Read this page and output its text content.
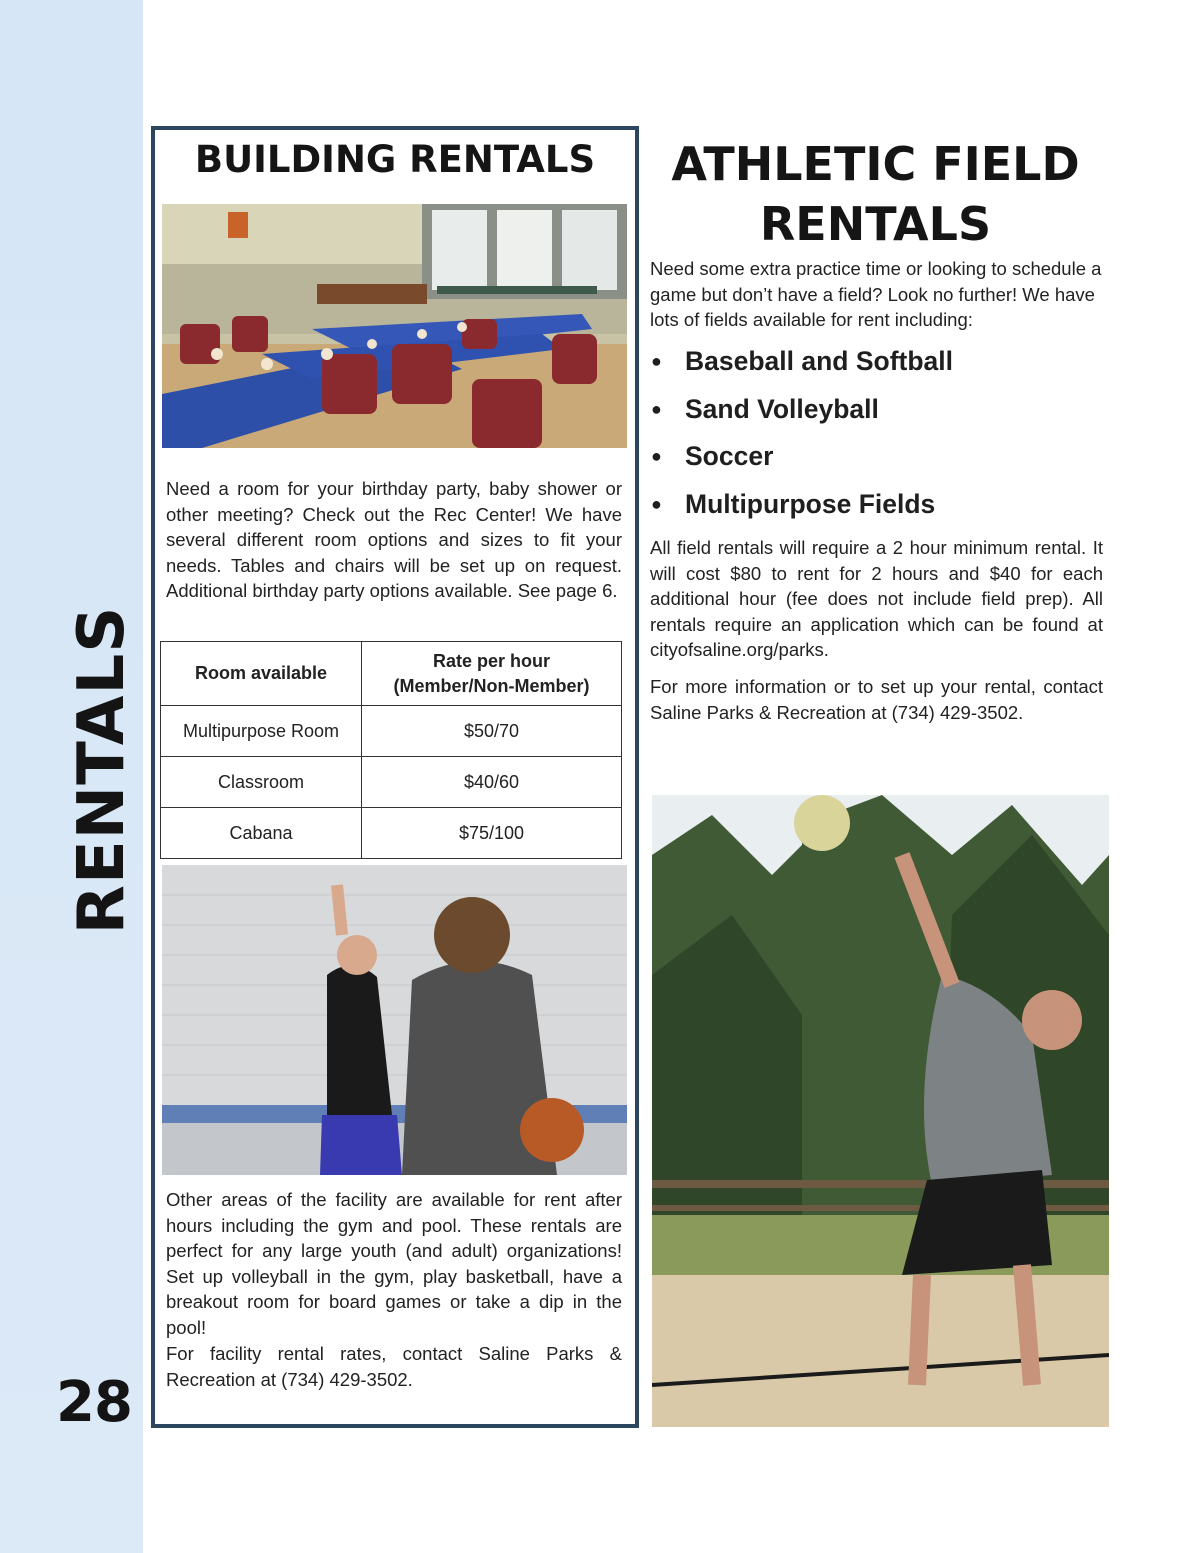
RENTALS
28
BUILDING RENTALS
Need a room for your birthday party, baby shower or other meeting? Check out the Rec Center! We have several different room options and sizes to fit your needs. Tables and chairs will be set up on request. Additional birthday party options available. See page 6.
Room available	Rate per hour (Member/Non-Member)
Multipurpose Room	$50/70
Classroom	$40/60
Cabana	$75/100
Other areas of the facility are available for rent after hours including the gym and pool. These rentals are perfect for any large youth (and adult) organizations! Set up volleyball in the gym, play basketball, have a breakout room for board games or take a dip in the pool!
For facility rental rates, contact Saline Parks & Recreation at (734) 429-3502.
ATHLETIC FIELD
RENTALS
Need some extra practice time or looking to schedule a game but don’t have a field? Look no further! We have lots of fields available for rent including:
● Baseball and Softball
● Sand Volleyball
● Soccer
● Multipurpose Fields
All field rentals will require a 2 hour minimum rental. It will cost $80 to rent for 2 hours and $40 for each additional hour (fee does not include field prep). All rentals require an application which can be found at cityofsaline.org/parks.
For more information or to set up your rental, contact Saline Parks & Recreation at (734) 429-3502.
